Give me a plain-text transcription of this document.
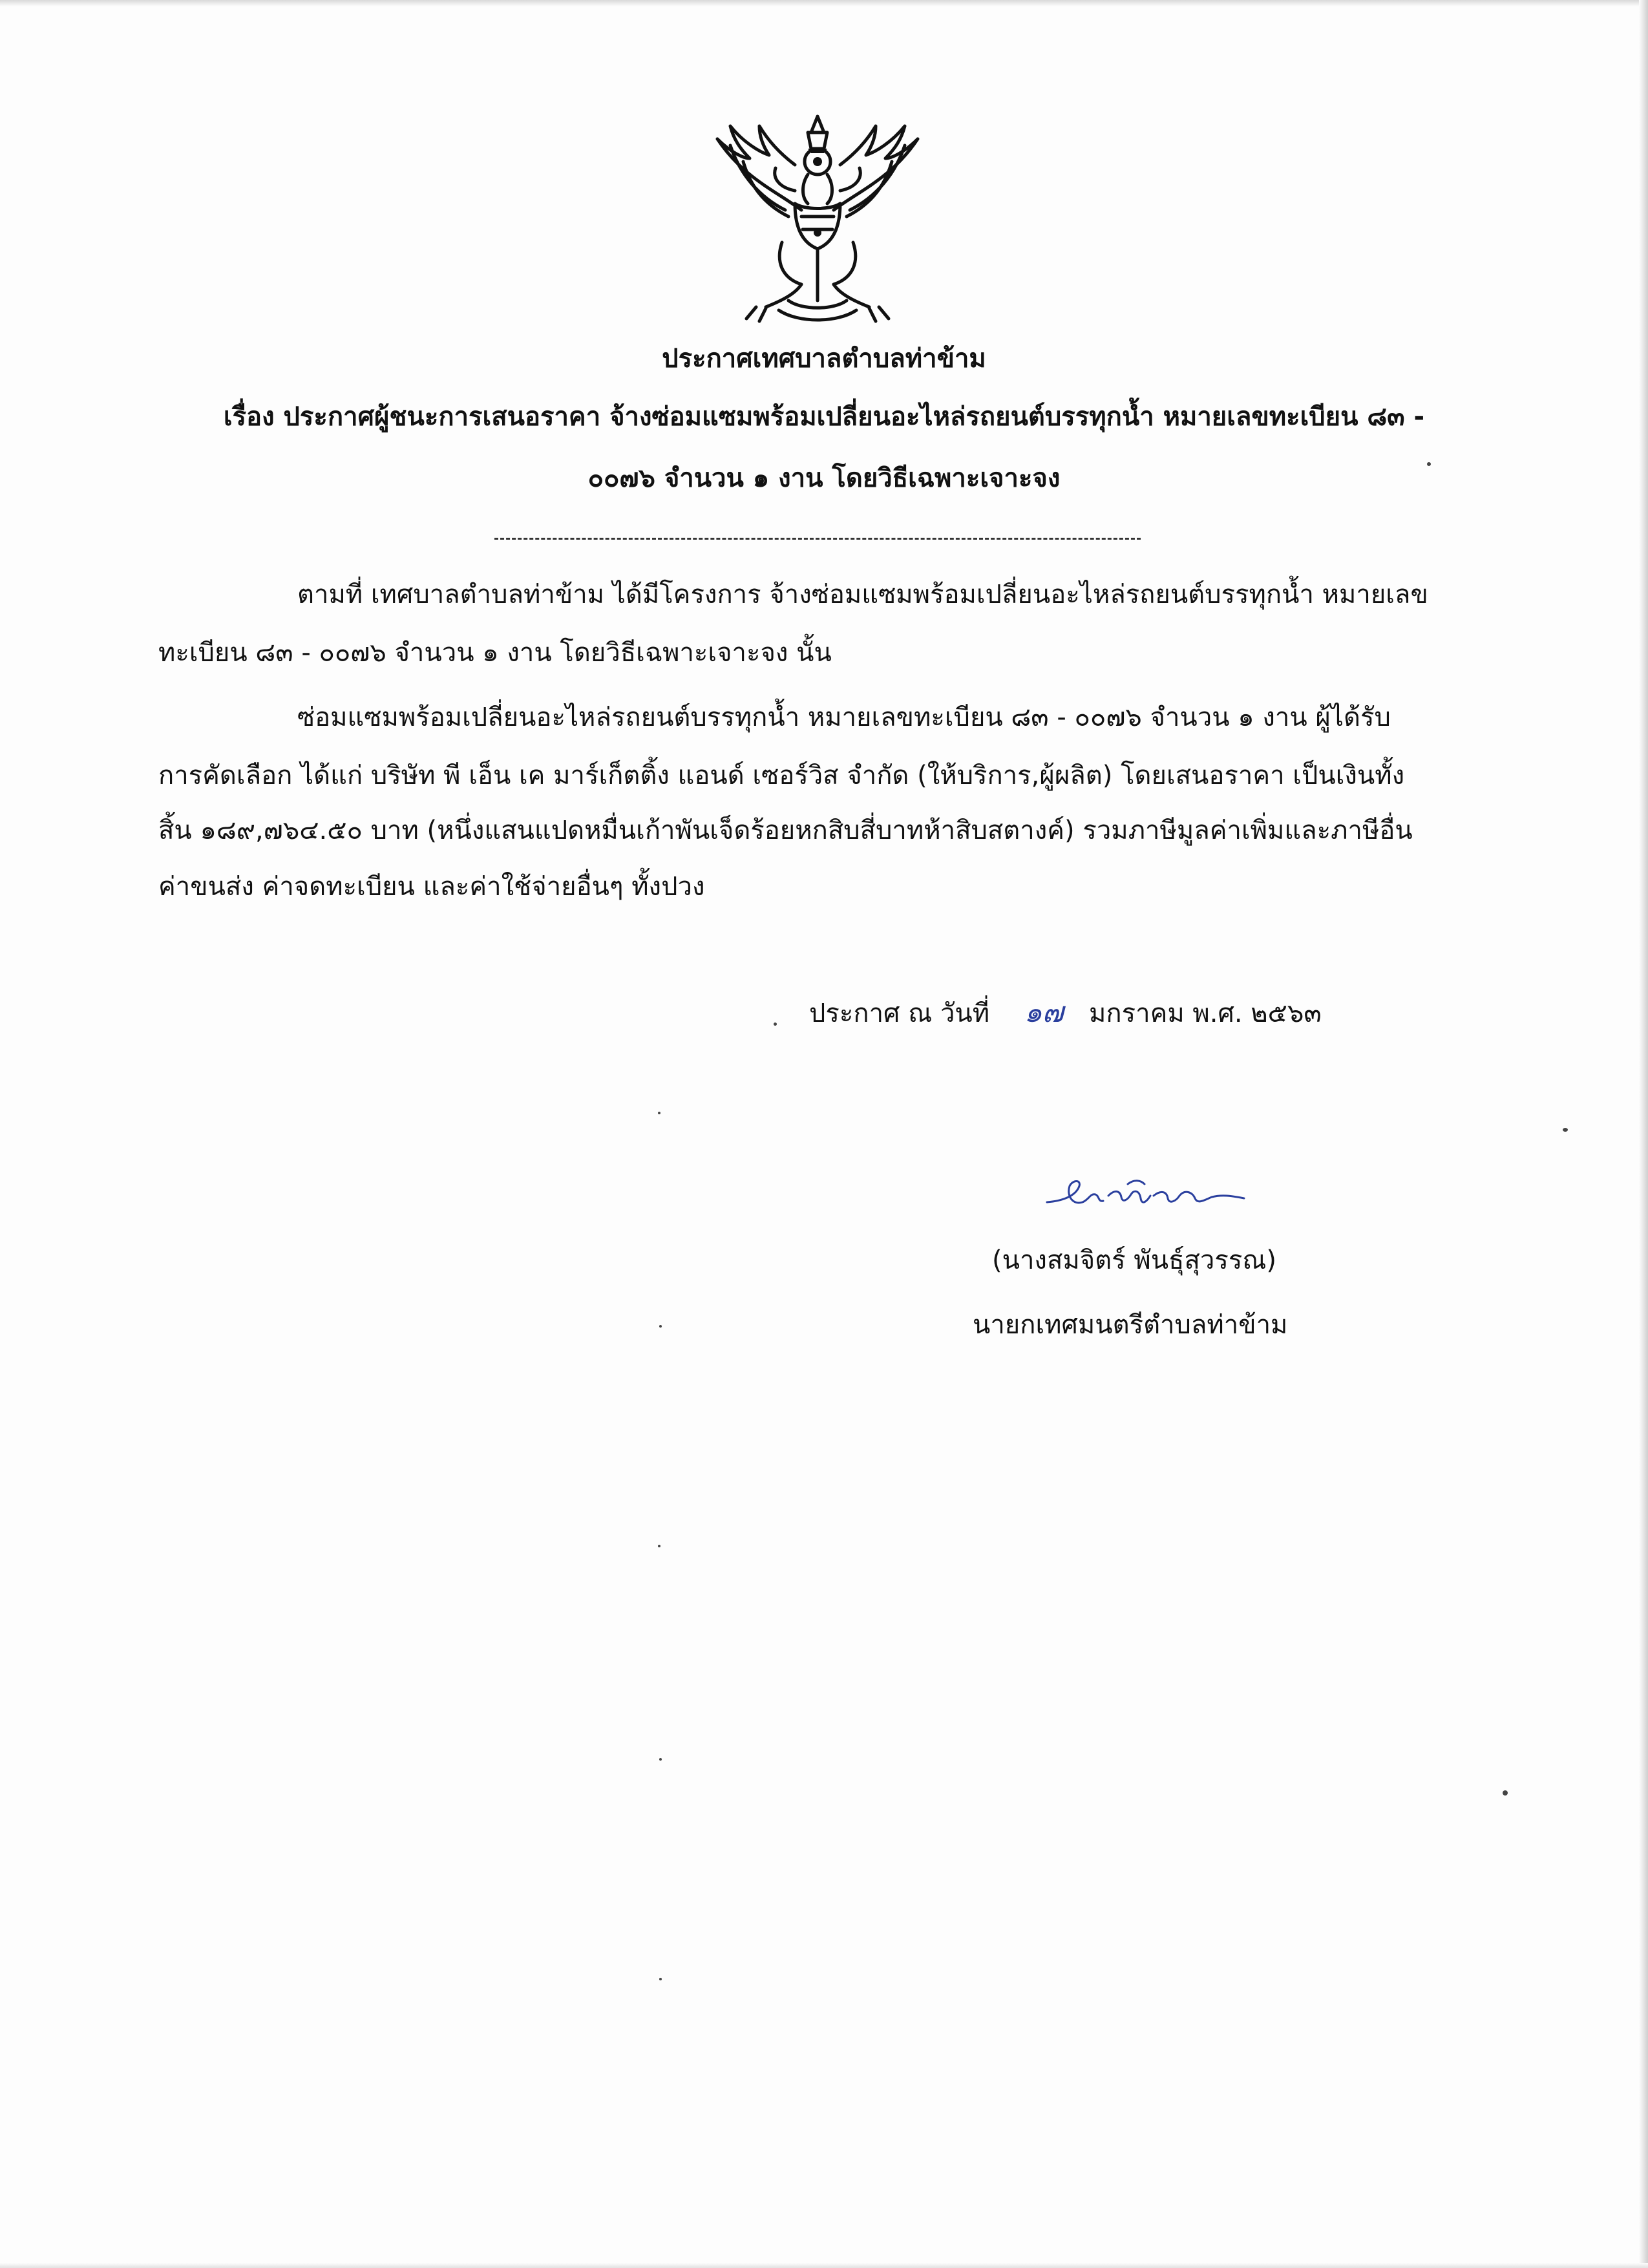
ประกาศเทศบาลตำบลท่าข้าม
เรื่อง ประกาศผู้ชนะการเสนอราคา จ้างซ่อมแซมพร้อมเปลี่ยนอะไหล่รถยนต์บรรทุกน้ำ หมายเลขทะเบียน ๘๓ -
๐๐๗๖ จำนวน ๑ งาน โดยวิธีเฉพาะเจาะจง
ตามที่ เทศบาลตำบลท่าข้าม ได้มีโครงการ จ้างซ่อมแซมพร้อมเปลี่ยนอะไหล่รถยนต์บรรทุกน้ำ หมายเลข
ทะเบียน ๘๓ - ๐๐๗๖ จำนวน ๑ งาน โดยวิธีเฉพาะเจาะจง นั้น
ซ่อมแซมพร้อมเปลี่ยนอะไหล่รถยนต์บรรทุกน้ำ หมายเลขทะเบียน ๘๓ - ๐๐๗๖ จำนวน ๑ งาน ผู้ได้รับ
การคัดเลือก ได้แก่ บริษัท พี เอ็น เค มาร์เก็ตติ้ง แอนด์ เซอร์วิส จำกัด (ให้บริการ,ผู้ผลิต) โดยเสนอราคา เป็นเงินทั้ง
สิ้น ๑๘๙,๗๖๔.๕๐ บาท (หนึ่งแสนแปดหมื่นเก้าพันเจ็ดร้อยหกสิบสี่บาทห้าสิบสตางค์) รวมภาษีมูลค่าเพิ่มและภาษีอื่น
ค่าขนส่ง ค่าจดทะเบียน และค่าใช้จ่ายอื่นๆ ทั้งปวง
ประกาศ ณ วันที่ ๑๗ มกราคม พ.ศ. ๒๕๖๓
(นางสมจิตร์ พันธุ์สุวรรณ)
นายกเทศมนตรีตำบลท่าข้าม
